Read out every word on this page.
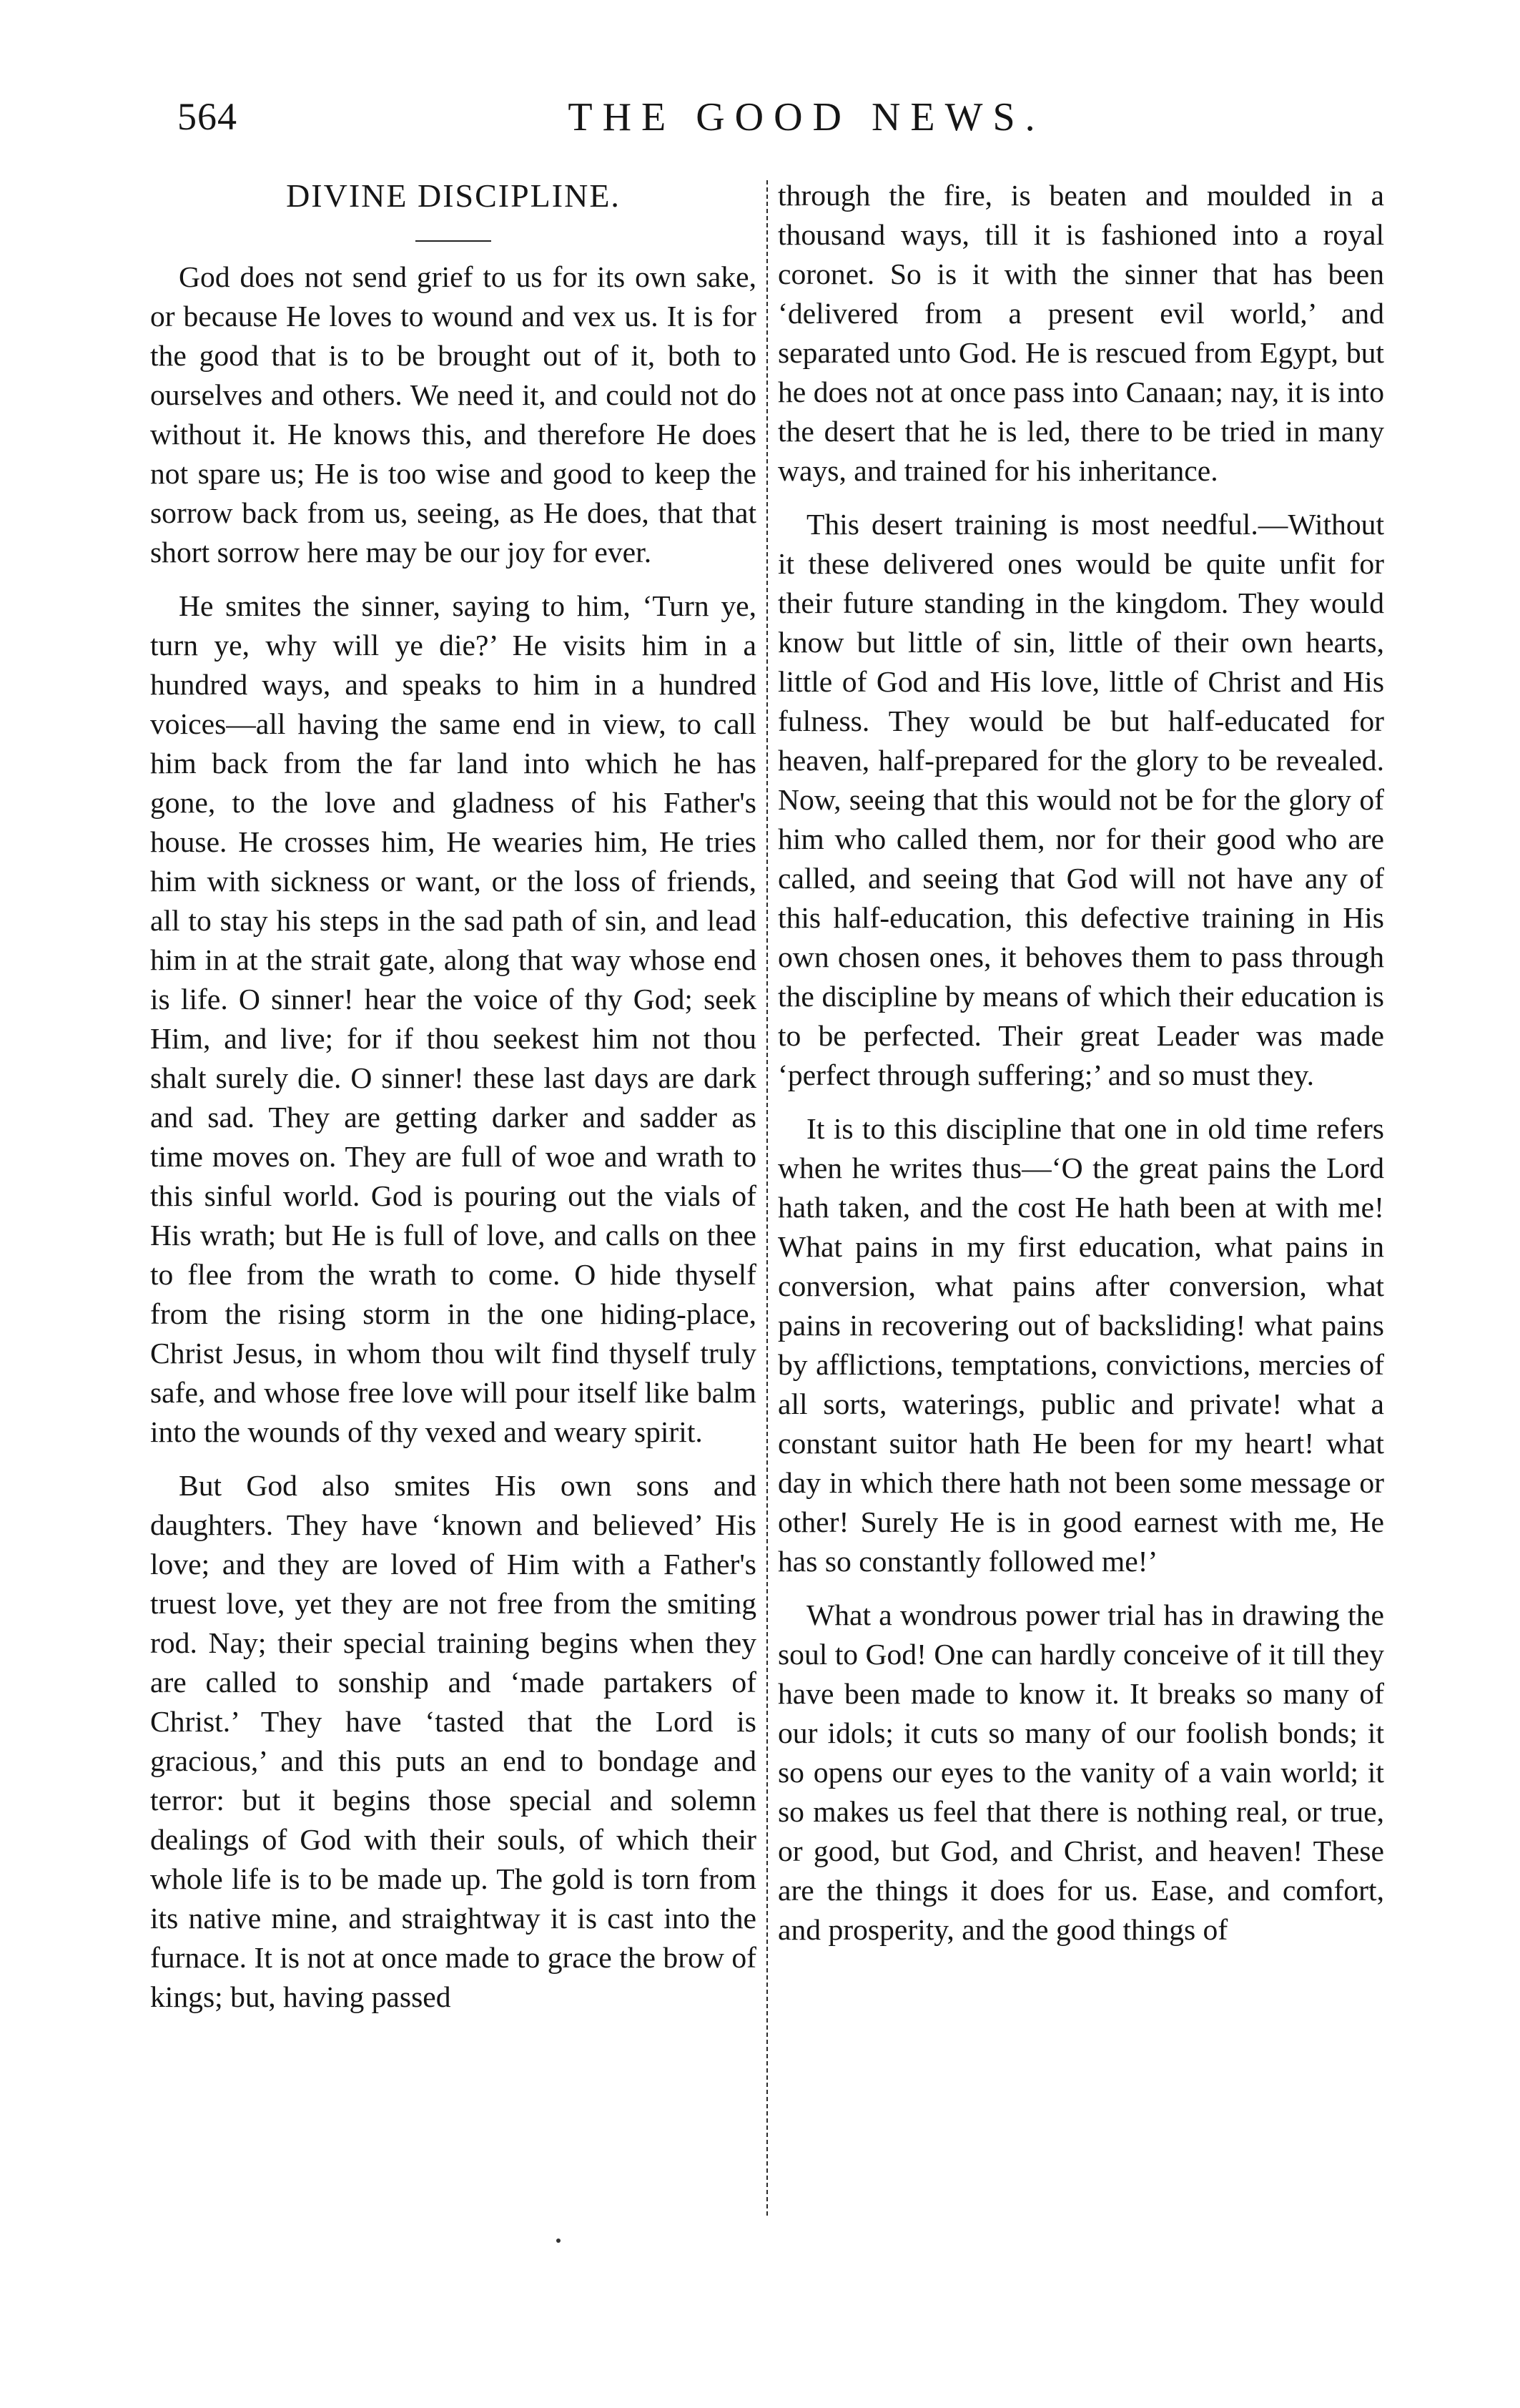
564	THE GOOD NEWS.
DIVINE DISCIPLINE.

God does not send grief to us for its own sake, or because He loves to wound and vex us. It is for the good that is to be brought out of it, both to ourselves and others. We need it, and could not do without it. He knows this, and therefore He does not spare us; He is too wise and good to keep the sorrow back from us, seeing, as He does, that that short sorrow here may be our joy for ever.

He smites the sinner, saying to him, ‘Turn ye, turn ye, why will ye die?’ He visits him in a hundred ways, and speaks to him in a hundred voices—all having the same end in view, to call him back from the far land into which he has gone, to the love and gladness of his Father's house. He crosses him, He wearies him, He tries him with sickness or want, or the loss of friends, all to stay his steps in the sad path of sin, and lead him in at the strait gate, along that way whose end is life. O sinner! hear the voice of thy God; seek Him, and live; for if thou seekest him not thou shalt surely die. O sinner! these last days are dark and sad. They are getting darker and sadder as time moves on. They are full of woe and wrath to this sinful world. God is pouring out the vials of His wrath; but He is full of love, and calls on thee to flee from the wrath to come. O hide thyself from the rising storm in the one hiding-place, Christ Jesus, in whom thou wilt find thyself truly safe, and whose free love will pour itself like balm into the wounds of thy vexed and weary spirit.

But God also smites His own sons and daughters. They have ‘known and believed’ His love; and they are loved of Him with a Father's truest love, yet they are not free from the smiting rod. Nay; their special training begins when they are called to sonship and ‘made partakers of Christ.’ They have ‘tasted that the Lord is gracious,’ and this puts an end to bondage and terror: but it begins those special and solemn dealings of God with their souls, of which their whole life is to be made up. The gold is torn from its native mine, and straightway it is cast into the furnace. It is not at once made to grace the brow of kings; but, having passed

through the fire, is beaten and moulded in a thousand ways, till it is fashioned into a royal coronet. So is it with the sinner that has been ‘delivered from a present evil world,’ and separated unto God. He is rescued from Egypt, but he does not at once pass into Canaan; nay, it is into the desert that he is led, there to be tried in many ways, and trained for his inheritance.

This desert training is most needful.—Without it these delivered ones would be quite unfit for their future standing in the kingdom. They would know but little of sin, little of their own hearts, little of God and His love, little of Christ and His fulness. They would be but half-educated for heaven, half-prepared for the glory to be revealed. Now, seeing that this would not be for the glory of him who called them, nor for their good who are called, and seeing that God will not have any of this half-education, this defective training in His own chosen ones, it behoves them to pass through the discipline by means of which their education is to be perfected. Their great Leader was made ‘perfect through suffering;’ and so must they.

It is to this discipline that one in old time refers when he writes thus—‘O the great pains the Lord hath taken, and the cost He hath been at with me! What pains in my first education, what pains in conversion, what pains after conversion, what pains in recovering out of backsliding! what pains by afflictions, temptations, convictions, mercies of all sorts, waterings, public and private! what a constant suitor hath He been for my heart! what day in which there hath not been some message or other! Surely He is in good earnest with me, He has so constantly followed me!’

What a wondrous power trial has in drawing the soul to God! One can hardly conceive of it till they have been made to know it. It breaks so many of our idols; it cuts so many of our foolish bonds; it so opens our eyes to the vanity of a vain world; it so makes us feel that there is nothing real, or true, or good, but God, and Christ, and heaven! These are the things it does for us. Ease, and comfort, and prosperity, and the good things of
